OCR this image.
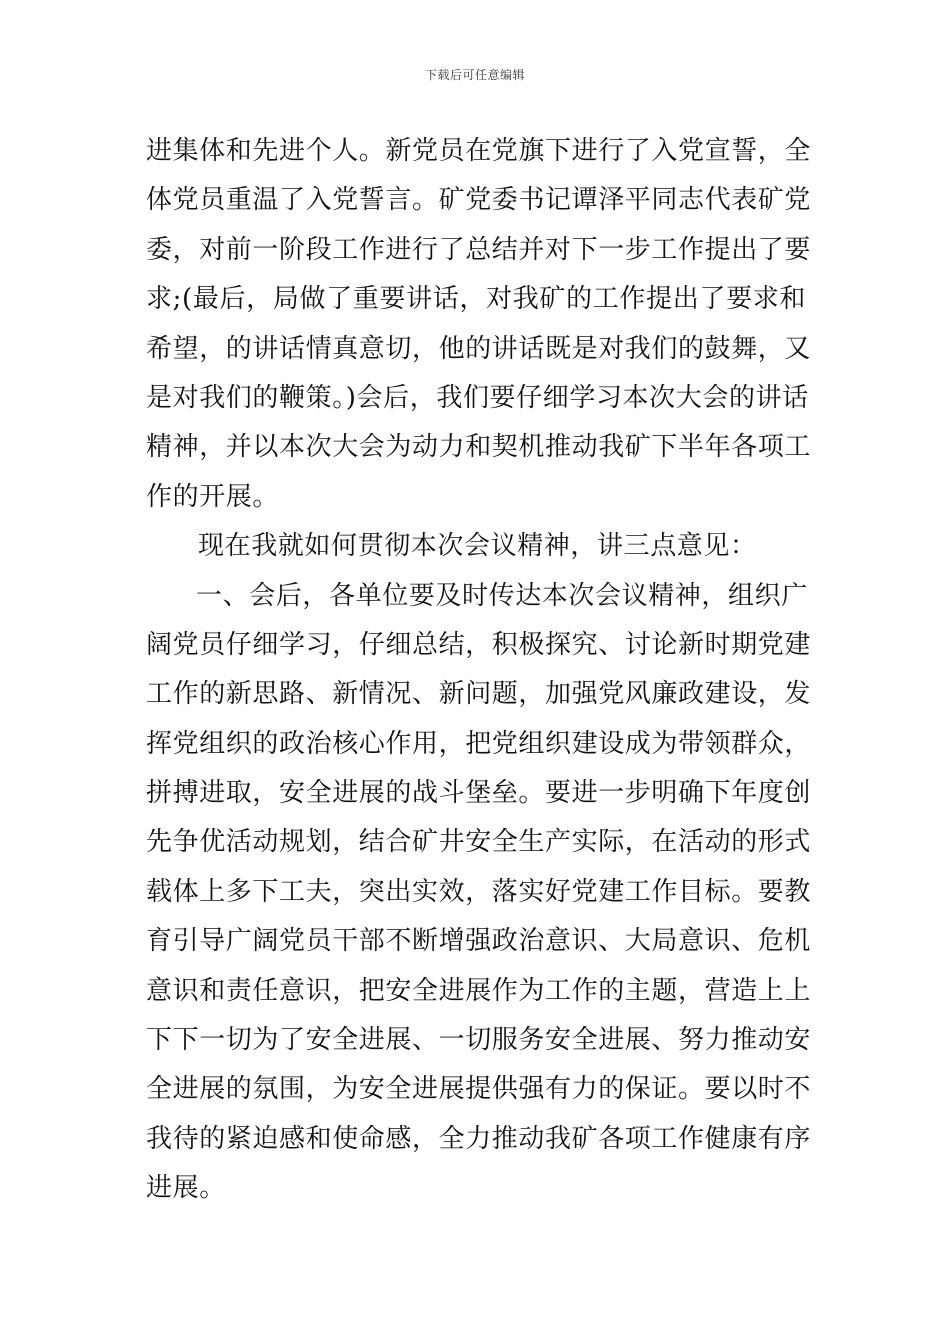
下载后可任意编辑
进集体和先进个人。新党员在党旗下进行了入党宣誓，全
体党员重温了入党誓言。矿党委书记谭泽平同志代表矿党
委，对前一阶段工作进行了总结并对下一步工作提出了要
求;(最后，局做了重要讲话，对我矿的工作提出了要求和
希望，的讲话情真意切，他的讲话既是对我们的鼓舞，又
是对我们的鞭策。)会后，我们要仔细学习本次大会的讲话
精神，并以本次大会为动力和契机推动我矿下半年各项工
作的开展。
现在我就如何贯彻本次会议精神，讲三点意见：
一、会后，各单位要及时传达本次会议精神，组织广
阔党员仔细学习，仔细总结，积极探究、讨论新时期党建
工作的新思路、新情况、新问题，加强党风廉政建设，发
挥党组织的政治核心作用，把党组织建设成为带领群众，
拼搏进取，安全进展的战斗堡垒。要进一步明确下年度创
先争优活动规划，结合矿井安全生产实际，在活动的形式
载体上多下工夫，突出实效，落实好党建工作目标。要教
育引导广阔党员干部不断增强政治意识、大局意识、危机
意识和责任意识，把安全进展作为工作的主题，营造上上
下下一切为了安全进展、一切服务安全进展、努力推动安
全进展的氛围，为安全进展提供强有力的保证。要以时不
我待的紧迫感和使命感，全力推动我矿各项工作健康有序
进展。
